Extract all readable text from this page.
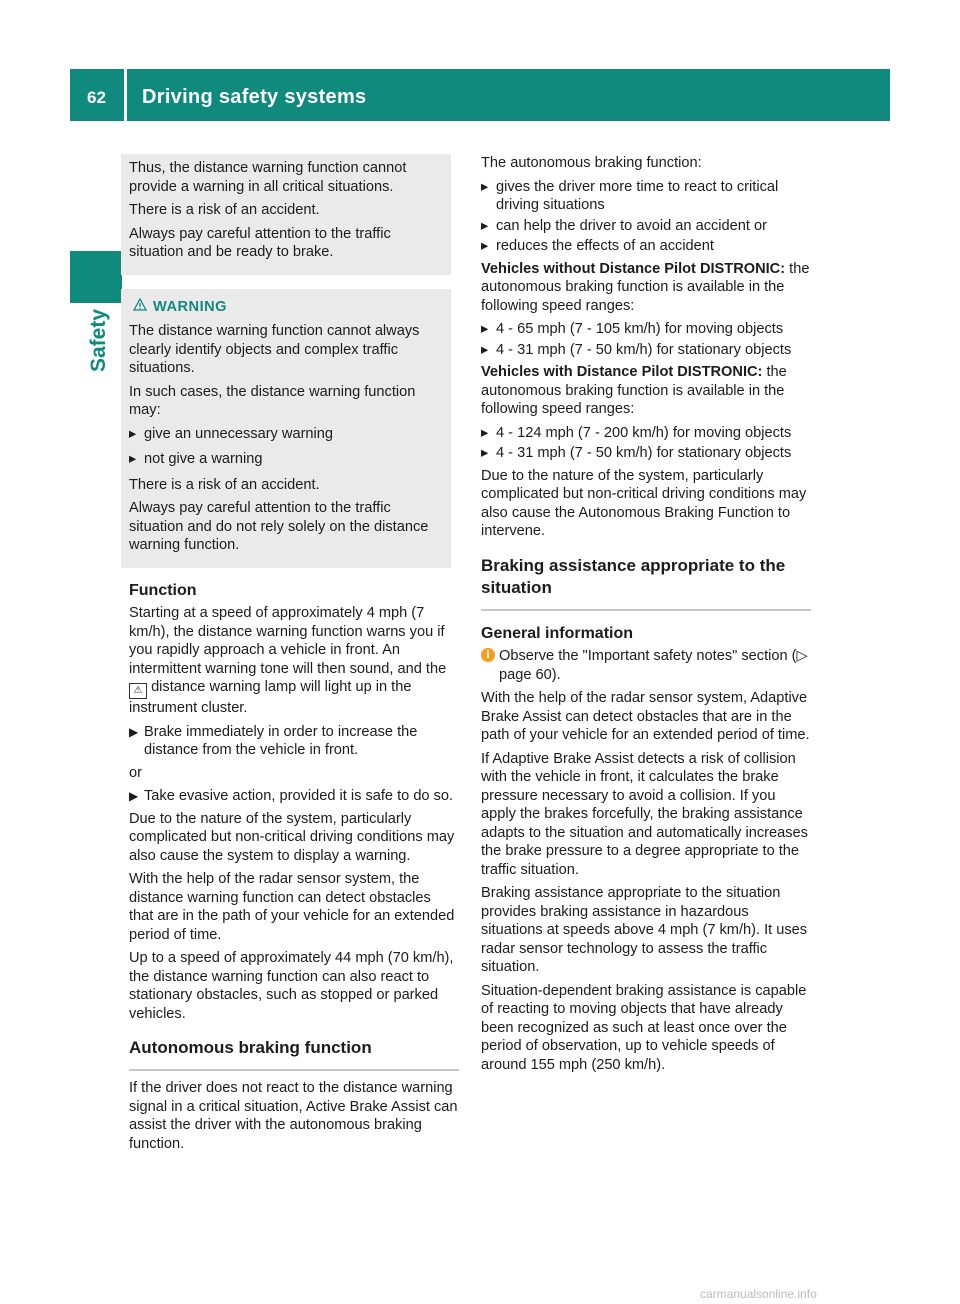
62 Driving safety systems
Safety

Thus, the distance warning function cannot provide a warning in all critical situations.

There is a risk of an accident.

Always pay careful attention to the traffic situation and be ready to brake.

WARNING

The distance warning function cannot always clearly identify objects and complex traffic situations.

In such cases, the distance warning function may:

▸ give an unnecessary warning
▸ not give a warning

There is a risk of an accident.

Always pay careful attention to the traffic situation and do not rely solely on the distance warning function.

Function

Starting at a speed of approximately 4 mph (7 km/h), the distance warning function warns you if you rapidly approach a vehicle in front. An intermittent warning tone will then sound, and the ⚠ distance warning lamp will light up in the instrument cluster.

▶ Brake immediately in order to increase the distance from the vehicle in front.

or

▶ Take evasive action, provided it is safe to do so.

Due to the nature of the system, particularly complicated but non-critical driving conditions may also cause the system to display a warning.

With the help of the radar sensor system, the distance warning function can detect obstacles that are in the path of your vehicle for an extended period of time.

Up to a speed of approximately 44 mph (70 km/h), the distance warning function can also react to stationary obstacles, such as stopped or parked vehicles.

Autonomous braking function

If the driver does not react to the distance warning signal in a critical situation, Active Brake Assist can assist the driver with the autonomous braking function.

The autonomous braking function:

▸ gives the driver more time to react to critical driving situations
▸ can help the driver to avoid an accident or
▸ reduces the effects of an accident

Vehicles without Distance Pilot DISTRONIC: the autonomous braking function is available in the following speed ranges:

▸ 4 - 65 mph (7 - 105 km/h) for moving objects
▸ 4 - 31 mph (7 - 50 km/h) for stationary objects

Vehicles with Distance Pilot DISTRONIC: the autonomous braking function is available in the following speed ranges:

▸ 4 - 124 mph (7 - 200 km/h) for moving objects
▸ 4 - 31 mph (7 - 50 km/h) for stationary objects

Due to the nature of the system, particularly complicated but non-critical driving conditions may also cause the Autonomous Braking Function to intervene.

Braking assistance appropriate to the situation
General information
i Observe the "Important safety notes" section (▷ page 60).

With the help of the radar sensor system, Adaptive Brake Assist can detect obstacles that are in the path of your vehicle for an extended period of time.

If Adaptive Brake Assist detects a risk of collision with the vehicle in front, it calculates the brake pressure necessary to avoid a collision. If you apply the brakes forcefully, the braking assistance adapts to the situation and automatically increases the brake pressure to a degree appropriate to the traffic situation.

Braking assistance appropriate to the situation provides braking assistance in hazardous situations at speeds above 4 mph (7 km/h). It uses radar sensor technology to assess the traffic situation.

Situation-dependent braking assistance is capable of reacting to moving objects that have already been recognized as such at least once over the period of observation, up to vehicle speeds of around 155 mph (250 km/h).

carmanualsonline.info
